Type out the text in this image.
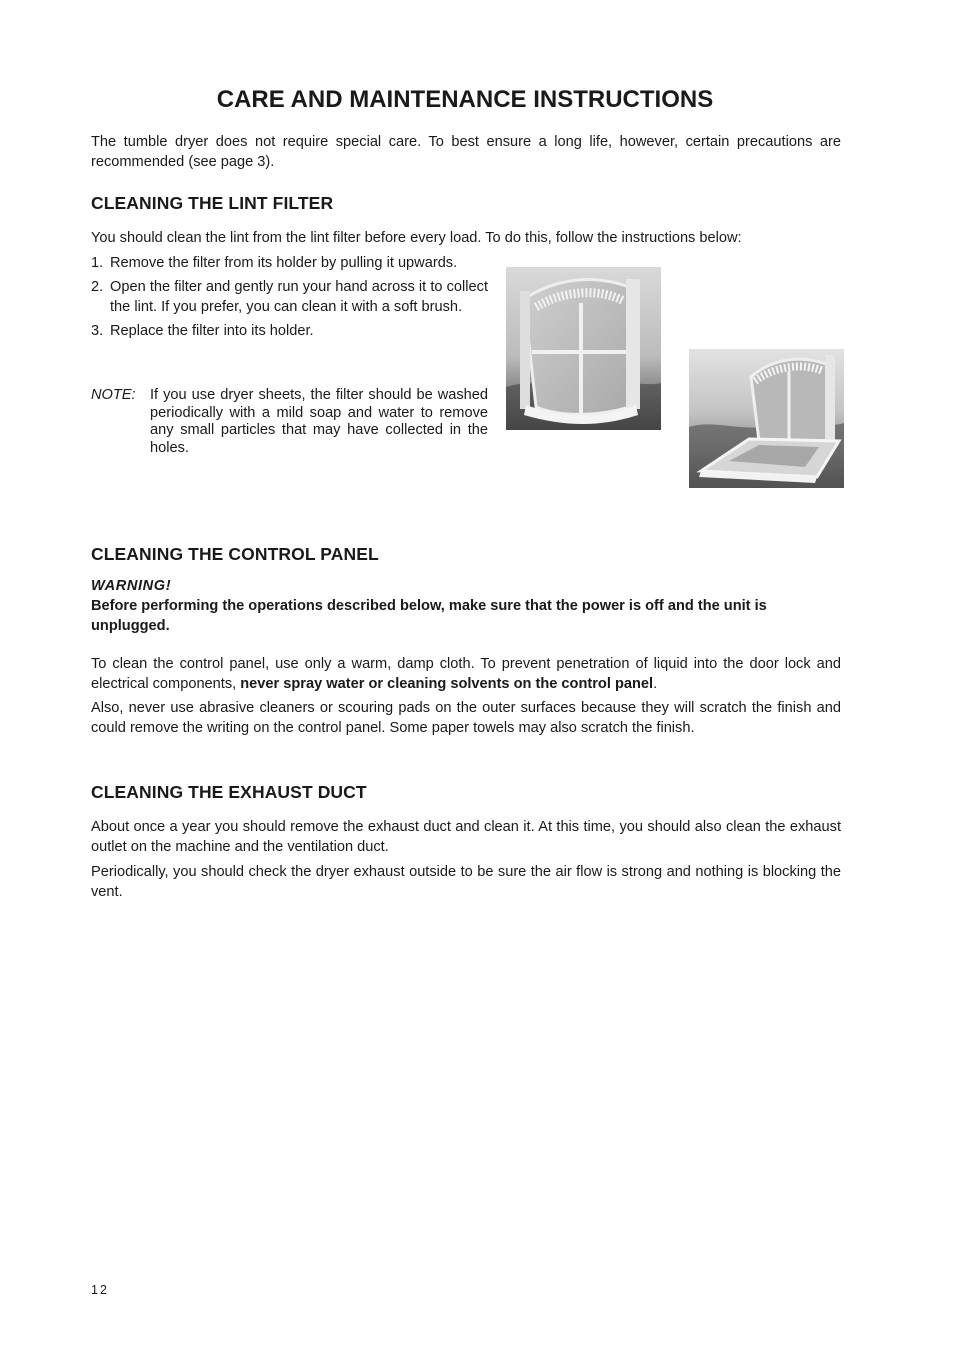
CARE AND MAINTENANCE INSTRUCTIONS

The tumble dryer does not require special care. To best ensure a long life, however, certain precautions are recommended (see page 3).

CLEANING THE LINT FILTER

You should clean the lint from the lint filter before every load. To do this, follow the instructions below:

1. Remove the filter from its holder by pulling it upwards.
2. Open the filter and gently run your hand across it to collect the lint. If you prefer, you can clean it with a soft brush.
3. Replace the filter into its holder.
NOTE: If you use dryer sheets, the filter should be washed periodically with a mild soap and water to remove any small particles that may have collected in the holes.
CLEANING THE CONTROL PANEL

WARNING!

Before performing the operations described below, make sure that the power is off and the unit is unplugged.

To clean the control panel, use only a warm, damp cloth. To prevent penetration of liquid into the door lock and electrical components, never spray water or cleaning solvents on the control panel.

Also, never use abrasive cleaners or scouring pads on the outer surfaces because they will scratch the finish and could remove the writing on the control panel. Some paper towels may also scratch the finish.

CLEANING THE EXHAUST DUCT

About once a year you should remove the exhaust duct and clean it. At this time, you should also clean the exhaust outlet on the machine and the ventilation duct.

Periodically, you should check the dryer exhaust outside to be sure the air flow is strong and nothing is blocking the vent.

12
